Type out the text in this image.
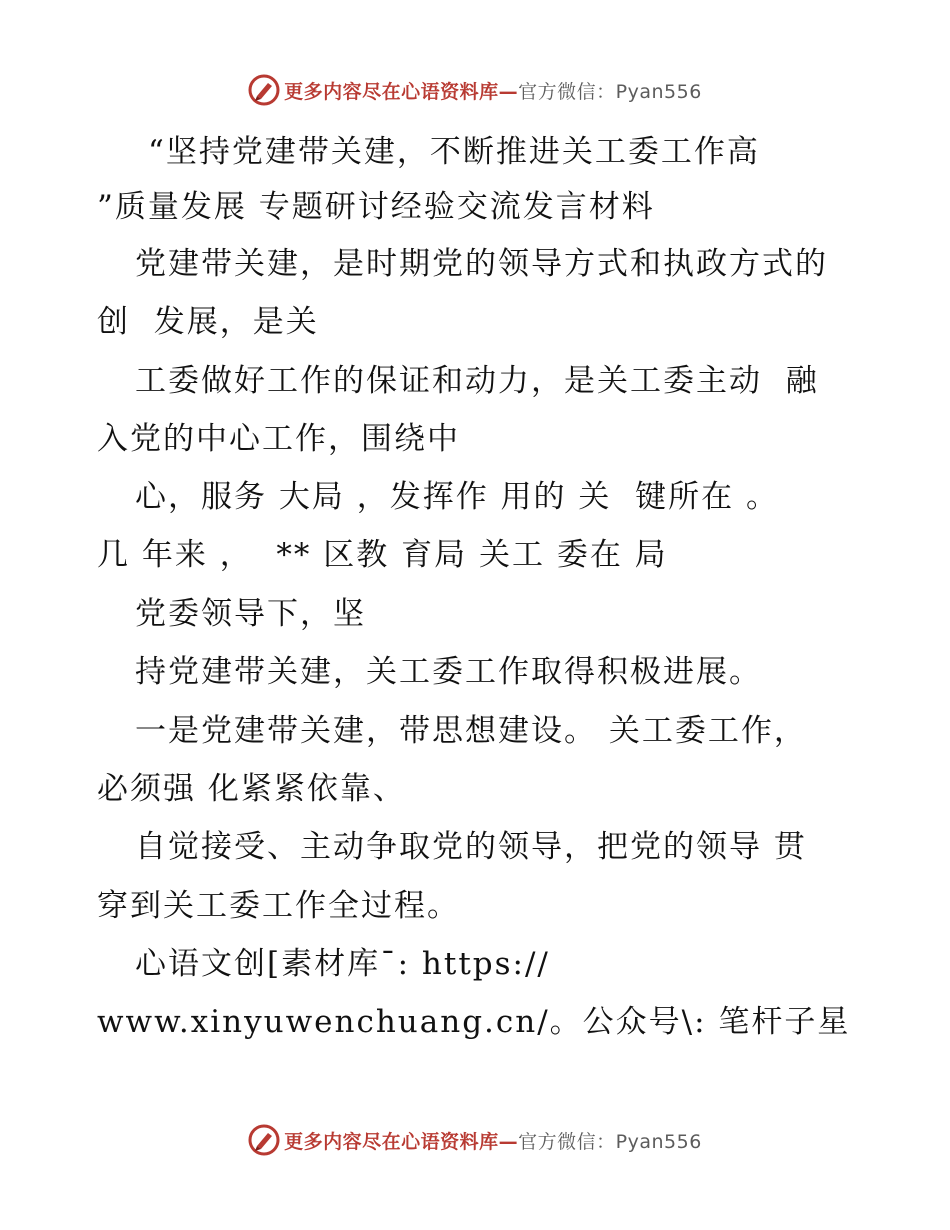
更多内容尽在心语资料库—官方微信：Pyan556
“坚持党建带关建，不断推进关工委工作高
”质量发展 专题研讨经验交流发言材料
党建带关建，是时期党的领导方式和执政方式的
创  发展，是关
工委做好工作的保证和动力，是关工委主动  融
入党的中心工作，围绕中
心，服务 大局 ，发挥作 用的 关  键所在 。
几 年来 ，  ** 区教 育局 关工 委在 局
党委领导下，坚
持党建带关建，关工委工作取得积极进展。
一是党建带关建，带思想建设。 关工委工作，
必须强 化紧紧依靠、
自觉接受、主动争取党的领导，把党的领导 贯
穿到关工委工作全过程。
心语文创[素材库¯: https://
www.xinyuwenchuang.cn/。公众号\: 笔杆子星
更多内容尽在心语资料库—官方微信：Pyan556
